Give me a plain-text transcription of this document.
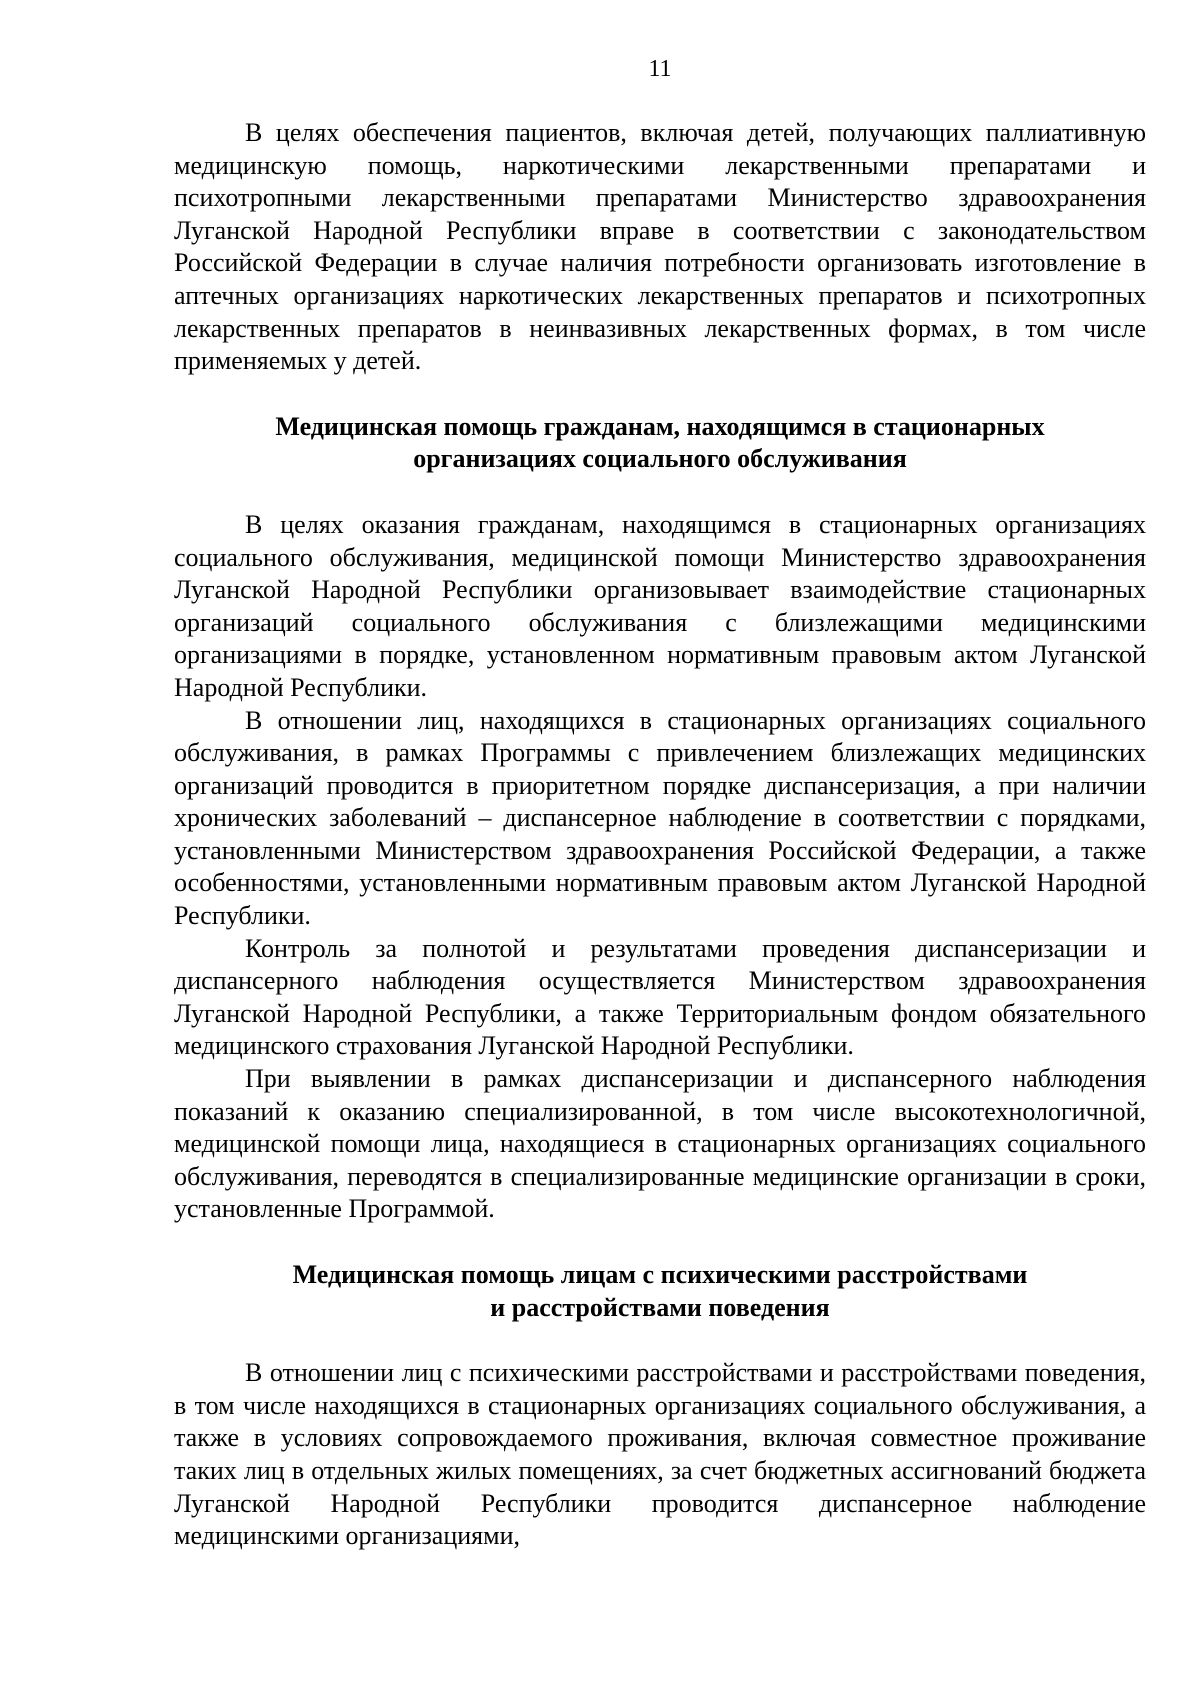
11

В целях обеспечения пациентов, включая детей, получающих паллиативную медицинскую помощь, наркотическими лекарственными препаратами и психотропными лекарственными препаратами Министерство здравоохранения Луганской Народной Республики вправе в соответствии с законодательством Российской Федерации в случае наличия потребности организовать изготовление в аптечных организациях наркотических лекарственных препаратов и психотропных лекарственных препаратов в неинвазивных лекарственных формах, в том числе применяемых у детей.

Медицинская помощь гражданам, находящимся в стационарных
организациях социального обслуживания

В целях оказания гражданам, находящимся в стационарных организациях социального обслуживания, медицинской помощи Министерство здравоохранения Луганской Народной Республики организовывает взаимодействие стационарных организаций социального обслуживания с близлежащими медицинскими организациями в порядке, установленном нормативным правовым актом Луганской Народной Республики.

В отношении лиц, находящихся в стационарных организациях социального обслуживания, в рамках Программы с привлечением близлежащих медицинских организаций проводится в приоритетном порядке диспансеризация, а при наличии хронических заболеваний – диспансерное наблюдение в соответствии с порядками, установленными Министерством здравоохранения Российской Федерации, а также особенностями, установленными нормативным правовым актом Луганской Народной Республики.

Контроль за полнотой и результатами проведения диспансеризации и диспансерного наблюдения осуществляется Министерством здравоохранения Луганской Народной Республики, а также Территориальным фондом обязательного медицинского страхования Луганской Народной Республики.

При выявлении в рамках диспансеризации и диспансерного наблюдения показаний к оказанию специализированной, в том числе высокотехнологичной, медицинской помощи лица, находящиеся в стационарных организациях социального обслуживания, переводятся в специализированные медицинские организации в сроки, установленные Программой.

Медицинская помощь лицам с психическими расстройствами
и расстройствами поведения

В отношении лиц с психическими расстройствами и расстройствами поведения, в том числе находящихся в стационарных организациях социального обслуживания, а также в условиях сопровождаемого проживания, включая совместное проживание таких лиц в отдельных жилых помещениях, за счет бюджетных ассигнований бюджета Луганской Народной Республики проводится диспансерное наблюдение медицинскими организациями,
